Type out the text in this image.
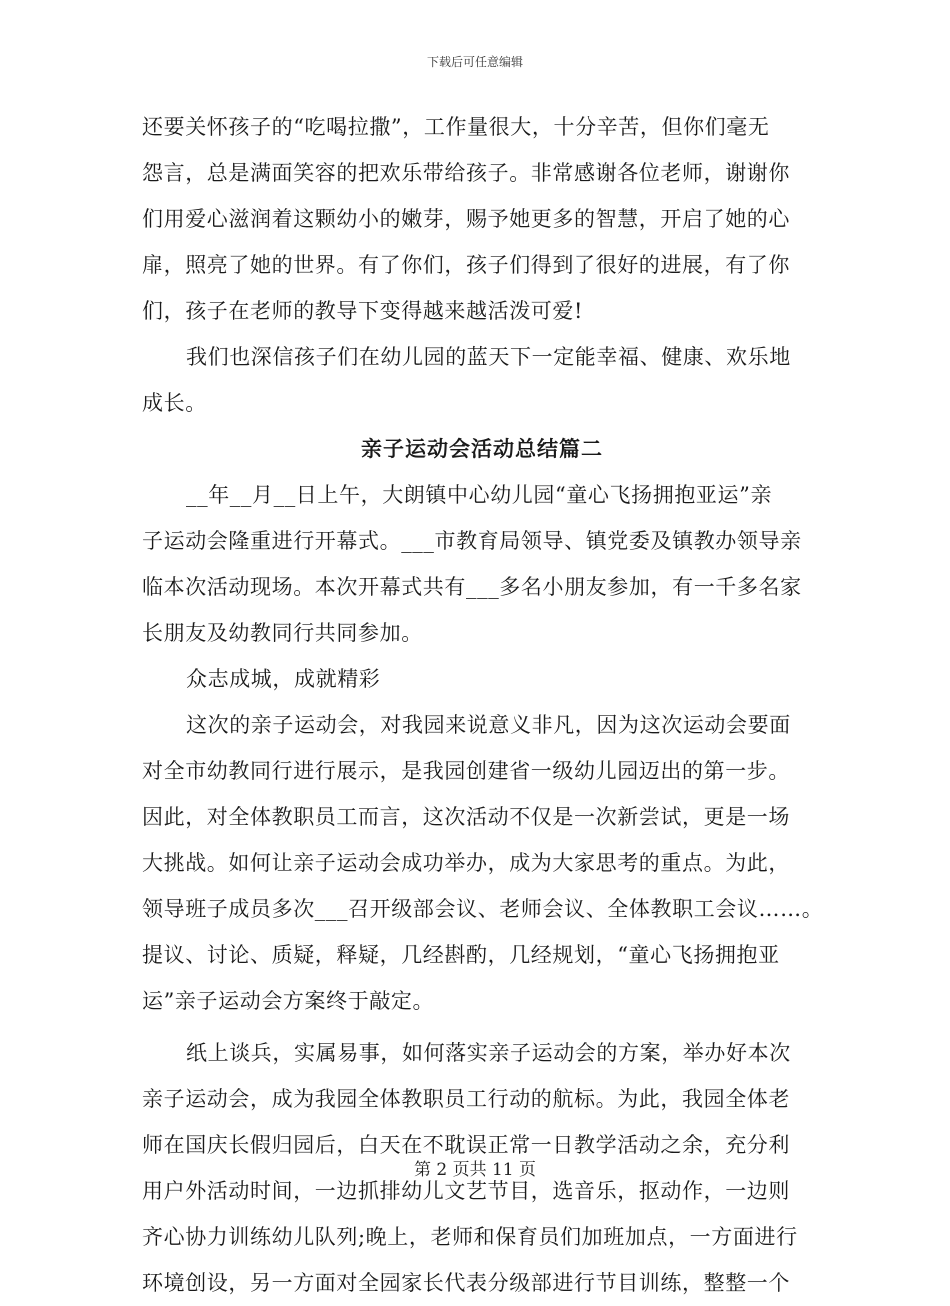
下载后可任意编辑
还要关怀孩子的“吃喝拉撒”，工作量很大，十分辛苦，但你们毫无
怨言，总是满面笑容的把欢乐带给孩子。非常感谢各位老师，谢谢你
们用爱心滋润着这颗幼小的嫩芽，赐予她更多的智慧，开启了她的心
扉，照亮了她的世界。有了你们，孩子们得到了很好的进展，有了你
们，孩子在老师的教导下变得越来越活泼可爱!
我们也深信孩子们在幼儿园的蓝天下一定能幸福、健康、欢乐地
成长。
亲子运动会活动总结篇二
__年__月__日上午，大朗镇中心幼儿园“童心飞扬拥抱亚运”亲
子运动会隆重进行开幕式。___市教育局领导、镇党委及镇教办领导亲
临本次活动现场。本次开幕式共有___多名小朋友参加，有一千多名家
长朋友及幼教同行共同参加。
众志成城，成就精彩
这次的亲子运动会，对我园来说意义非凡，因为这次运动会要面
对全市幼教同行进行展示，是我园创建省一级幼儿园迈出的第一步。
因此，对全体教职员工而言，这次活动不仅是一次新尝试，更是一场
大挑战。如何让亲子运动会成功举办，成为大家思考的重点。为此，
领导班子成员多次___召开级部会议、老师会议、全体教职工会议……。
提议、讨论、质疑，释疑，几经斟酌，几经规划，“童心飞扬拥抱亚
运”亲子运动会方案终于敲定。
纸上谈兵，实属易事，如何落实亲子运动会的方案，举办好本次
亲子运动会，成为我园全体教职员工行动的航标。为此，我园全体老
师在国庆长假归园后，白天在不耽误正常一日教学活动之余，充分利
用户外活动时间，一边抓排幼儿文艺节目，选音乐，抠动作，一边则
齐心协力训练幼儿队列;晚上，老师和保育员们加班加点，一方面进行
环境创设，另一方面对全园家长代表分级部进行节目训练，整整一个
第 2 页共 11 页
